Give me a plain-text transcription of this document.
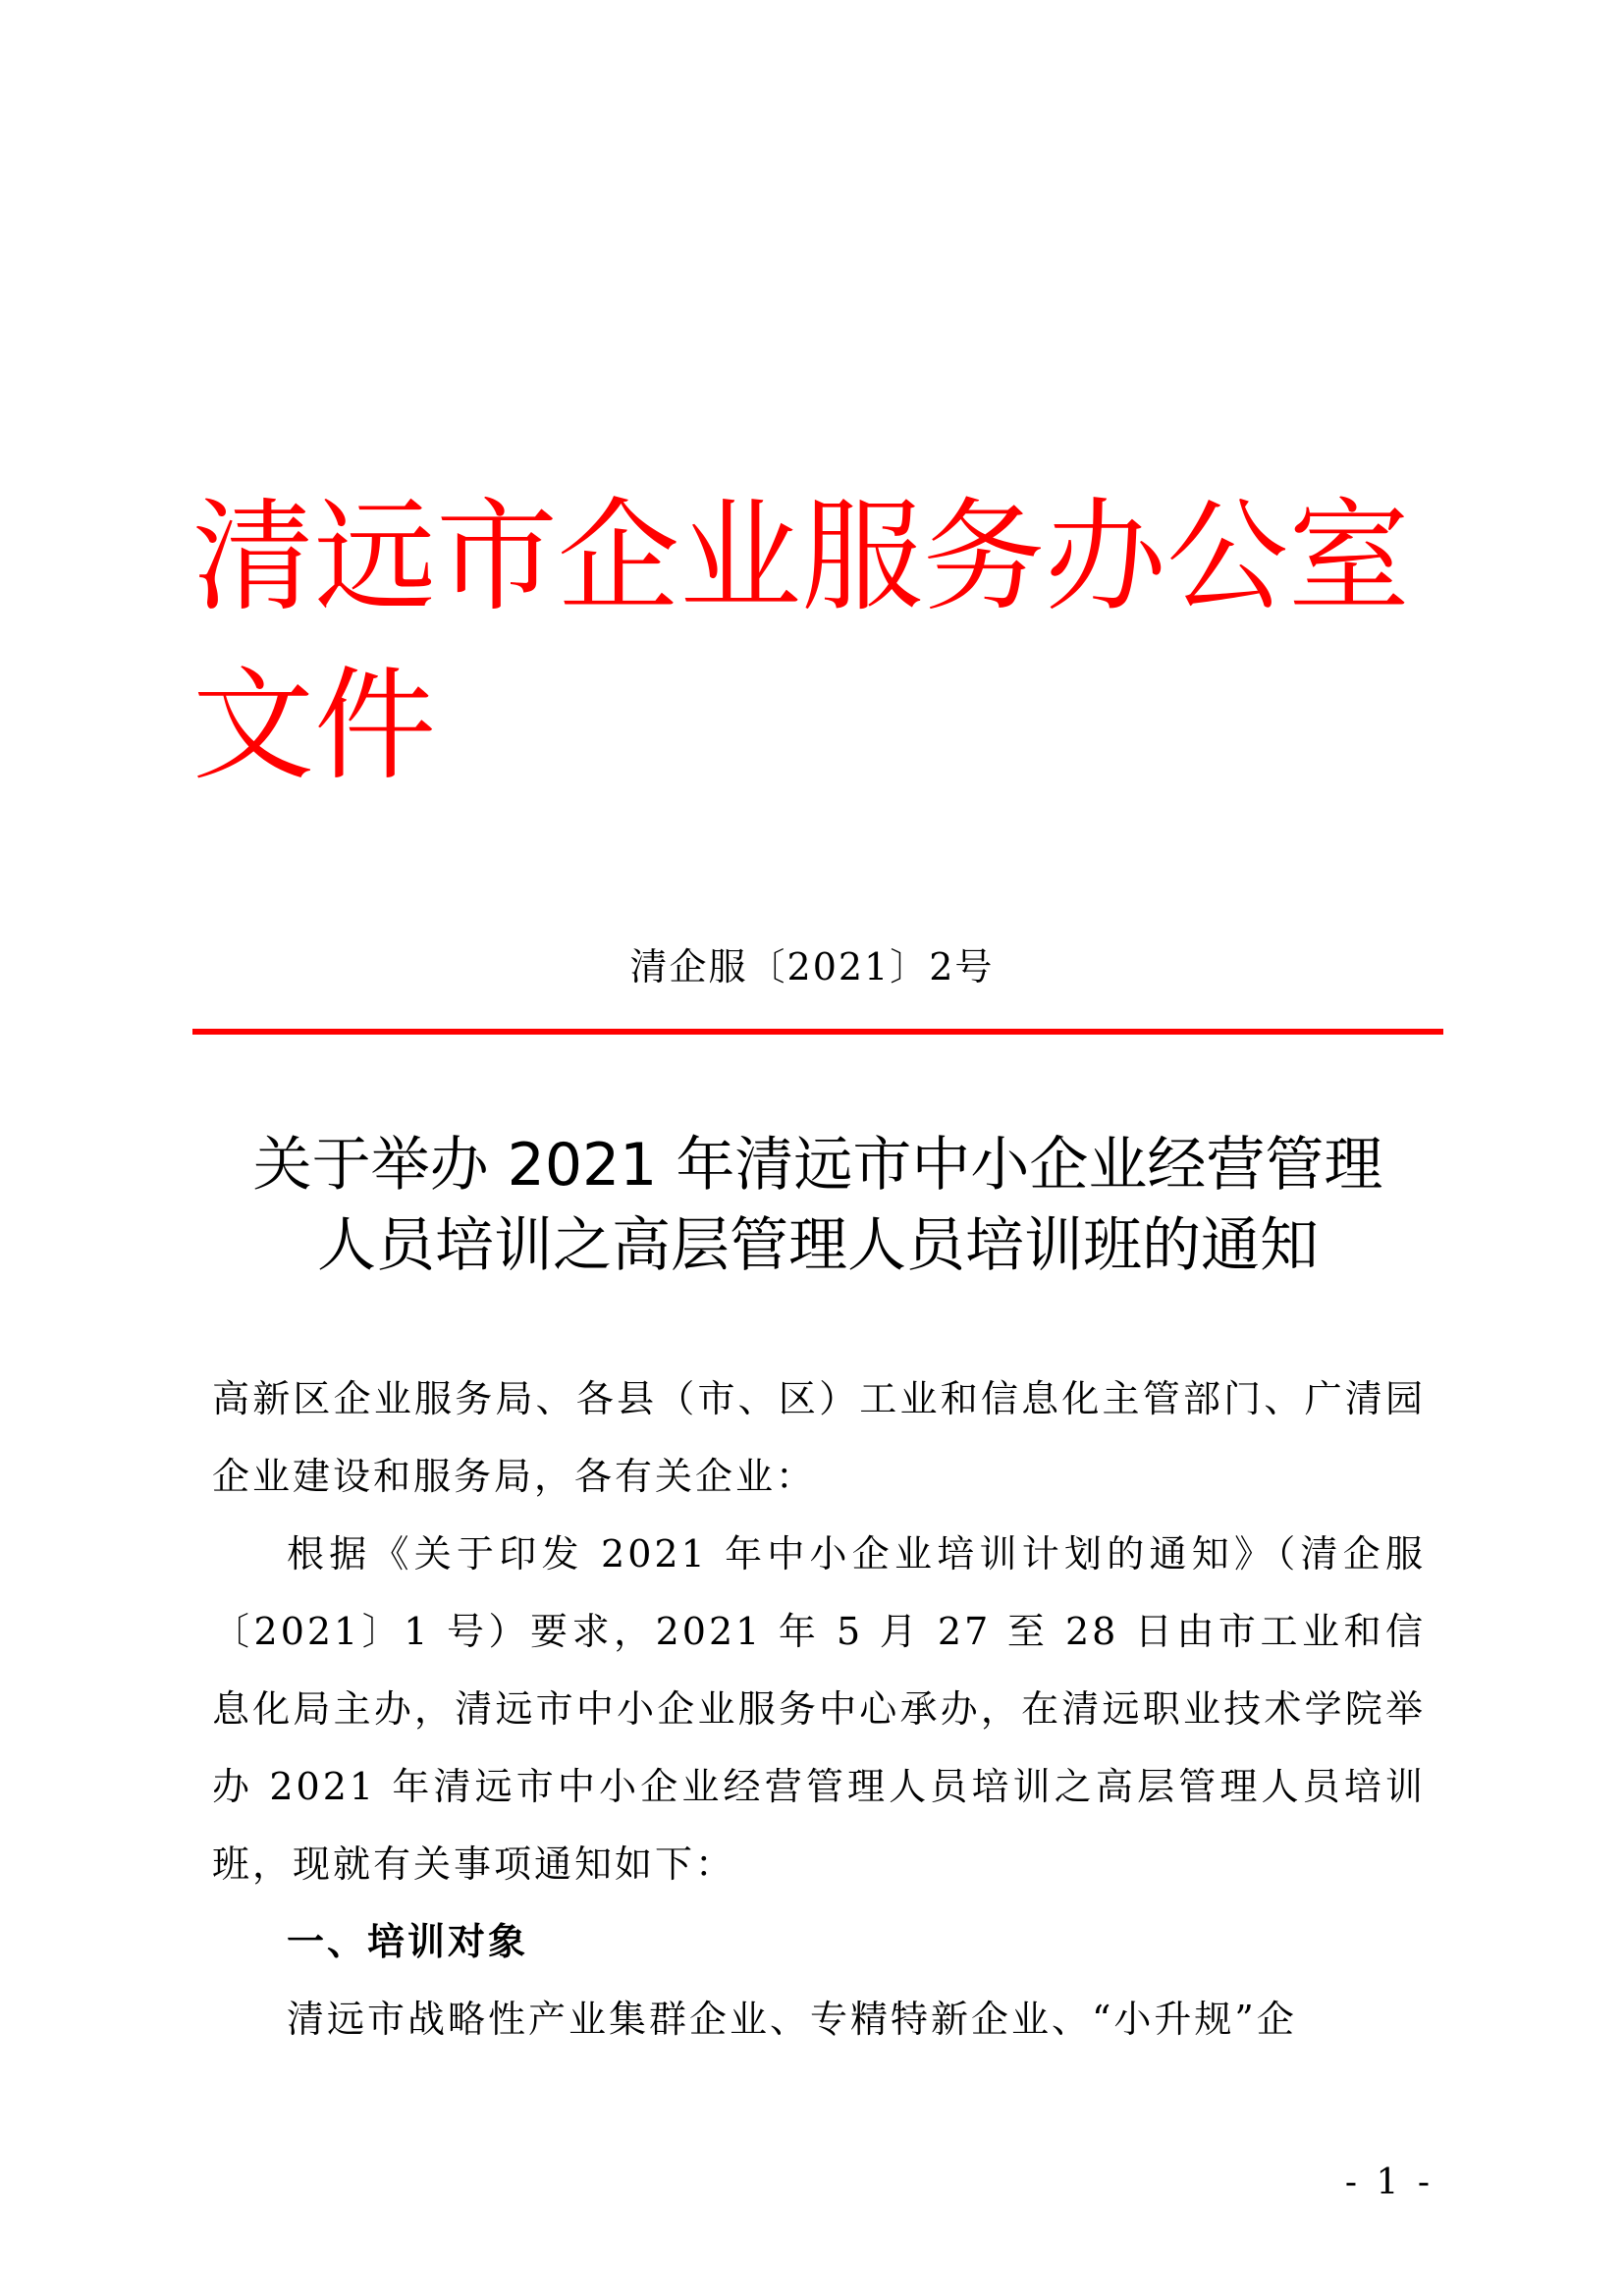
清远市企业服务办公室文件
清企服〔2021〕2号
关于举办 2021 年清远市中小企业经营管理
人员培训之高层管理人员培训班的通知

高新区企业服务局、各县（市、区）工业和信息化主管部门、广清园企业建设和服务局，各有关企业：

根据《关于印发 2021 年中小企业培训计划的通知》（清企服〔2021〕1 号）要求，2021 年 5 月 27 至 28 日由市工业和信息化局主办，清远市中小企业服务中心承办，在清远职业技术学院举办 2021 年清远市中小企业经营管理人员培训之高层管理人员培训班，现就有关事项通知如下：

一、培训对象

清远市战略性产业集群企业、专精特新企业、“小升规”企

- 1 -
